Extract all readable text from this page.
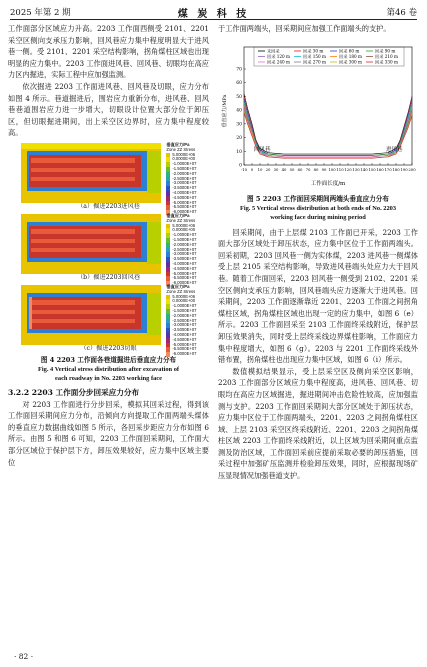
2025 年第 2 期	煤 炭 科 技	第46 卷

工作面部分区域应力升高。2203 工作面西侧受 2101、2201 采空区侧向支承压力影响，回风巷应力集中程度明显大于进风巷一侧。受 2101、2201 采空结构影响，拐角煤柱区域也出现明显的应力集中。2203 工作面进风巷、回风巷、切眼均在高应力区内掘进，实际工程中应加强监测。

依次掘进 2203 工作面进风巷、回风巷及切眼，应力分布如图 4 所示。巷道掘进后，围岩应力重新分布，进风巷、回风巷巷道围岩应力进一步增大，切眼设计位置大部分位于卸压区，但切眼掘进期间，出上采空区边界时，应力集中程度较高。

垂直应力/Pa
Zone ZZ Stress
5.0000E+06
0.0000E+00
-1.0000E+07
-1.5000E+07
-2.0000E+07
-2.5000E+07
-3.0000E+07
-3.5000E+07
-4.0000E+07
-4.5000E+07
-5.0000E+07
-5.5000E+07
-6.0000E+07
（a）掘进2203进风巷
垂直应力/Pa
Zone ZZ Stress
5.0000E+06
0.0000E+00
-1.0000E+07
-1.5000E+07
-2.0000E+07
-2.5000E+07
-3.0000E+07
-3.5000E+07
-4.0000E+07
-4.5000E+07
-5.0000E+07
-5.5000E+07
-6.0000E+07
（b）掘进2203回风巷
垂直应力/Pa
Zone ZZ Stress
5.0000E+06
0.0000E+00
-1.0000E+07
-1.5000E+07
-2.0000E+07
-2.5000E+07
-3.0000E+07
-3.5000E+07
-4.0000E+07
-4.5000E+07
-5.0000E+07
-5.5000E+07
-6.0000E+07
（c）掘进2203切眼
图 4 2203 工作面各巷道掘进后垂直应力分布
Fig. 4 Vertical stress distribution after excavation of
each roadway in No. 2203 working face
3.2.2 2203 工作面分步回采应力分布

对 2203 工作面进行分步回采，模拟其回采过程，得到该工作面回采期间应力分布，沿倾向方向提取工作面两端头煤体的垂直应力数据曲线如图 5 所示，各回采步距应力分布如图 6 所示。由图 5 和图 6 可知，2203 工作面回采期间，工作面大部分区域位于保护层下方，卸压效果较好，应力集中区域主要位

于工作面两端头，回采期间应加强工作面端头的支护。

未回采	回采 30 m	回采 60 m	回采 90 m
回采 120 m	回采 150 m	回采 180 m	回采 210 m
回采 240 m	回采 270 m	回采 300 m	回采 330 m
0
10
20
30
40
50
60
70
-10 0 10 20 30 40 50 60 70 80 90 100 110 120 130 140 150 160 170 180 190 200
回风巷	进风巷
垂直应力/MPa
工作面长度/m
图 5 2203 工作面回采期间两端头垂直应力分布
Fig. 5 Vertical stress distribution at both ends of No. 2203
working face during mining period

回采期间，由于上层煤 2103 工作面已开采，2203 工作面大部分区域处于卸压状态，应力集中区位于工作面两端头。回采初期，2203 回风巷一侧为实体煤，2203 进风巷一侧煤体受上层 2105 采空结构影响，导致进风巷端头处应力大于回风巷。随着工作面回采，2203 回风巷一侧受到 2102、2201 采空区侧向支承压力影响，回风巷端头应力逐渐大于进风巷。回采期间，2203 工作面逐渐靠近 2201、2203 工作面之间拐角煤柱区域，拐角煤柱区域也出现一定的应力集中，如图 6（e）所示。2203 工作面回采至 2103 工作面终采线附近，保护层卸压效果消失，同时受上层终采线边界煤柱影响，工作面应力集中程度增大，如图 6（g）。2203 与 2201 工作面终采线外错布置，拐角煤柱也出现应力集中区域，如图 6（i）所示。

数值模拟结果显示，受上层采空区及侧向采空区影响，2203 工作面部分区域应力集中程度高，进风巷、回风巷、切眼均在高应力区域掘进，掘进期间冲击危险性较高，应加强监测与支护。2203 工作面回采期间大部分区域处于卸压状态，应力集中区位于工作面两端头，2201、2203 之间拐角煤柱区域、上层 2103 采空区终采线附近、2201、2203 之间拐角煤柱区域 2203 工作面终采线附近，以上区域为回采期间重点监测及防治区域，工作面回采前应提前采取必要的卸压措施，回采过程中加强矿压监测并检验卸压效果，同时，应根据现场矿压显现情况加强巷道支护。

· 82 ·
